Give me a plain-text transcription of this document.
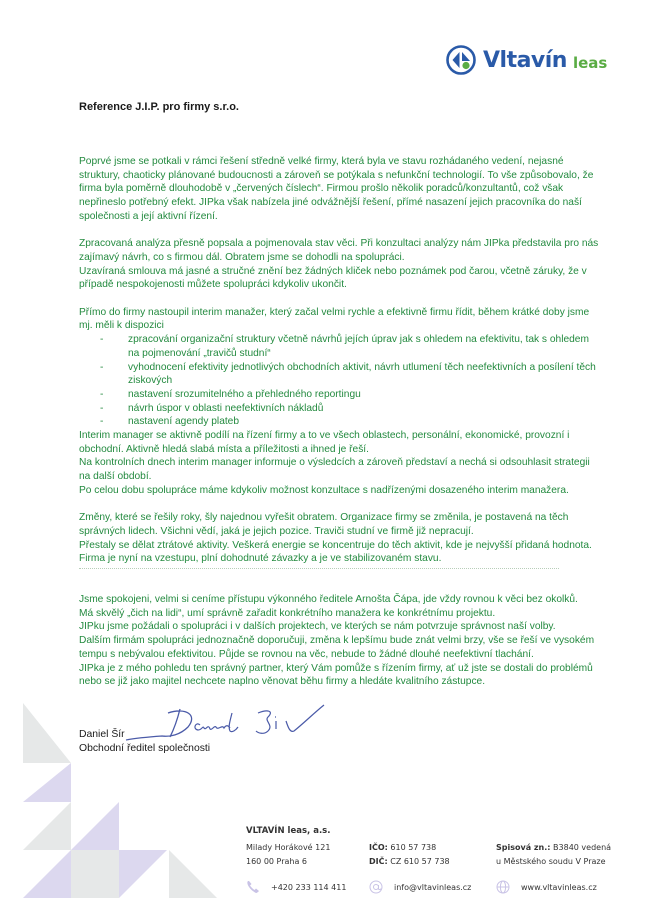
Vltavín leas
Reference J.I.P. pro firmy s.r.o.

Poprvé jsme se potkali v rámci řešení středně velké firmy, která byla ve stavu rozhádaného vedení, nejasné struktury, chaoticky plánované budoucnosti a zároveň se potýkala s nefunkční technologií. To vše způsobovalo, že firma byla poměrně dlouhodobě v „červených číslech“. Firmou prošlo několik poradců/konzultantů, což však nepřineslo potřebný efekt. JIPka však nabízela jiné odvážnější řešení, přímé nasazení jejich pracovníka do naší společnosti a její aktivní řízení.

Zpracovaná analýza přesně popsala a pojmenovala stav věci. Při konzultaci analýzy nám JIPka představila pro nás zajímavý návrh, co s firmou dál. Obratem jsme se dohodli na spolupráci.

Uzavíraná smlouva má jasné a stručné znění bez žádných kliček nebo poznámek pod čarou, včetně záruky, že v případě nespokojenosti můžete spolupráci kdykoliv ukončit.

Přímo do firmy nastoupil interim manažer, který začal velmi rychle a efektivně firmu řídit, během krátké doby jsme mj. měli k dispozici

- zpracování organizační struktury včetně návrhů jejích úprav jak s ohledem na efektivitu, tak s ohledem na pojmenování „travičů studní“
- vyhodnocení efektivity jednotlivých obchodních aktivit, návrh utlumení těch neefektivních a posílení těch ziskových
- nastavení srozumitelného a přehledného reportingu
- návrh úspor v oblasti neefektivních nákladů
- nastavení agendy plateb

Interim manager se aktivně podílí na řízení firmy a to ve všech oblastech, personální, ekonomické, provozní i obchodní. Aktivně hledá slabá místa a příležitosti a ihned je řeší.

Na kontrolních dnech interim manager informuje o výsledcích a zároveň představí a nechá si odsouhlasit strategii na další období.

Po celou dobu spolupráce máme kdykoliv možnost konzultace s nadřízenými dosazeného interim manažera.

Změny, které se řešily roky, šly najednou vyřešit obratem. Organizace firmy se změnila, je postavená na těch správných lidech. Všichni vědí, jaká je jejich pozice. Traviči studní ve firmě již nepracují.

Přestaly se dělat ztrátové aktivity. Veškerá energie se koncentruje do těch aktivit, kde je nejvyšší přidaná hodnota.

Firma je nyní na vzestupu, plní dohodnuté závazky a je ve stabilizovaném stavu.

Jsme spokojeni, velmi si ceníme přístupu výkonného ředitele Arnošta Čápa, jde vždy rovnou k věci bez okolků.

Má skvělý „čich na lidi“, umí správně zařadit konkrétního manažera ke konkrétnímu projektu.

JIPku jsme požádali o spolupráci i v dalších projektech, ve kterých se nám potvrzuje správnost naší volby.

Dalším firmám spolupráci jednoznačně doporučuji, změna k lepšímu bude znát velmi brzy, vše se řeší ve vysokém tempu s nebývalou efektivitou. Půjde se rovnou na věc, nebude to žádné dlouhé neefektivní tlachání.

JIPka je z mého pohledu ten správný partner, který Vám pomůže s řízením firmy, ať už jste se dostali do problémů nebo se již jako majitel nechcete naplno věnovat běhu firmy a hledáte kvalitního zástupce.

Daniel Šír
Obchodní ředitel společnosti
VLTAVÍN leas, a.s.
Milady Horákové 121
160 00 Praha 6
IČO: 610 57 738
DIČ: CZ 610 57 738
Spisová zn.: B3840 vedená
u Městského soudu V Praze
+420 233 114 411	info@vltavinleas.cz	www.vltavinleas.cz
